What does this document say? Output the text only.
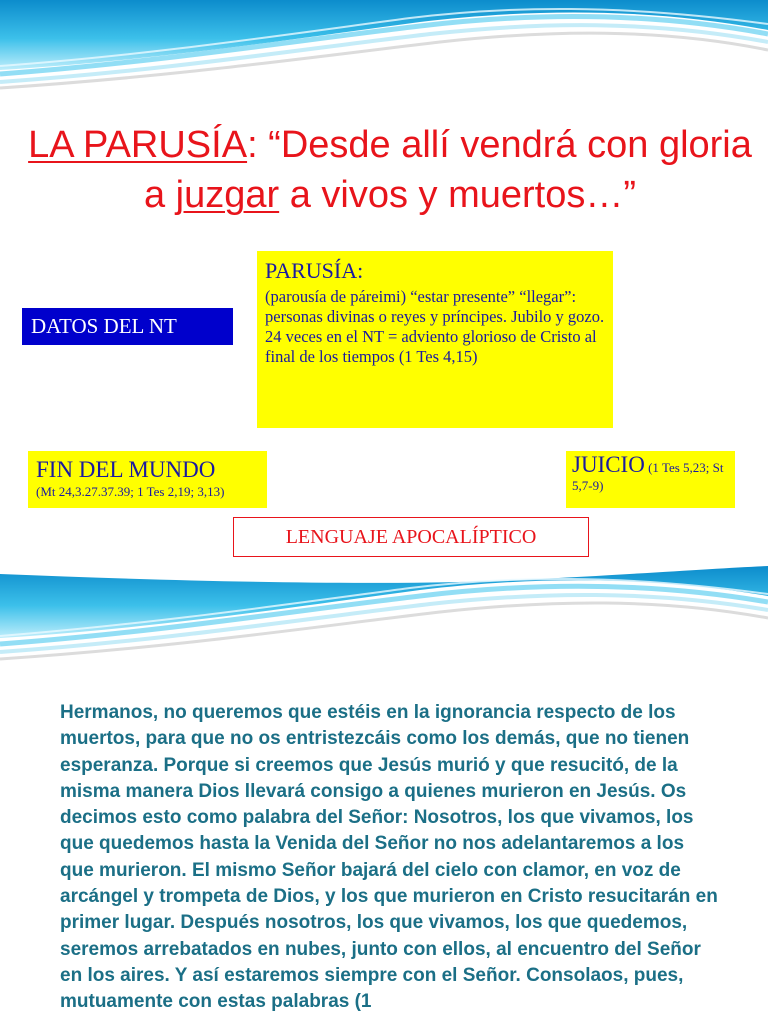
LA PARUSÍA: “Desde allí vendrá con gloria a juzgar a vivos y muertos…”
DATOS DEL NT
PARUSÍA:
(parousía de páreimi) “estar presente” “llegar”: personas divinas o reyes y príncipes. Jubilo y gozo.
24 veces en el NT = adviento glorioso de Cristo al final de los tiempos (1 Tes 4,15)
FIN DEL MUNDO
(Mt 24,3.27.37.39; 1 Tes 2,19; 3,13)
JUICIO (1 Tes 5,23; St 5,7-9)
LENGUAJE APOCALÍPTICO

Hermanos, no queremos que estéis en la ignorancia respecto de los muertos, para que no os entristezcáis como los demás, que no tienen esperanza. Porque si creemos que Jesús murió y que resucitó, de la misma manera Dios llevará consigo a quienes murieron en Jesús. Os decimos esto como palabra del Señor: Nosotros, los que vivamos, los que quedemos hasta la Venida del Señor no nos adelantaremos a los que murieron. El mismo Señor bajará del cielo con clamor, en voz de arcángel y trompeta de Dios, y los que murieron en Cristo resucitarán en primer lugar. Después nosotros, los que vivamos, los que quedemos, seremos arrebatados en nubes, junto con ellos, al encuentro del Señor en los aires. Y así estaremos siempre con el Señor. Consolaos, pues, mutuamente con estas palabras (1
